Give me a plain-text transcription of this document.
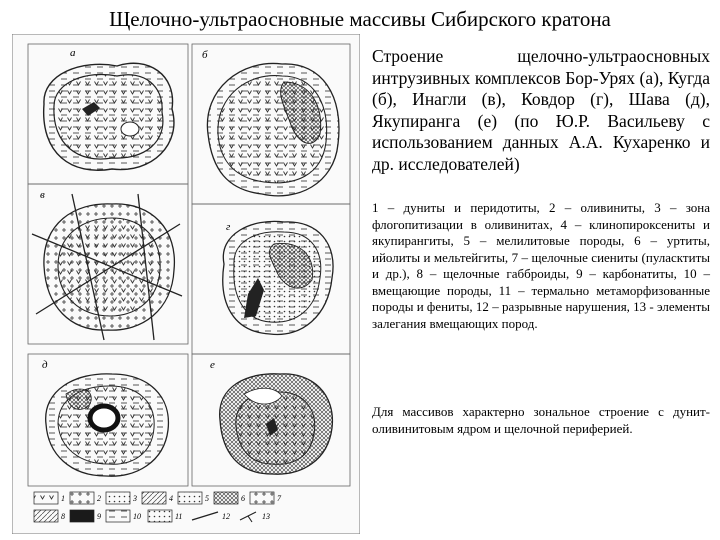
Щелочно-ультраосновные массивы Сибирского кратона
а	б
в
г
д	е
1	2	3	4	5	6	7
8	9	10	11	12	13
Строение щелочно-ультраосновных интрузивных комплексов Бор-Урях (а), Кугда (б), Инагли (в), Ковдор (г), Шава (д), Якупиранга (е) (по Ю.Р. Васильеву с использованием данных А.А. Кухаренко и др. исследователей)
1 – дуниты и перидотиты, 2 – оливиниты, 3 – зона флогопитизации в оливинитах, 4 – клинопироксениты и якупирангиты, 5 – мелилитовые породы, 6 – уртиты, ийолиты и мельтейгиты, 7 – щелочные сиениты (пуласктиты и др.), 8 – щелочные габброиды, 9 – карбонатиты, 10 – вмещающие породы, 11 – термально метаморфизованные породы и фениты, 12 – разрывные нарушения, 13 - элементы залегания вмещающих пород.
Для массивов характерно зональное строение с дунит-оливинитовым ядром и щелочной периферией.
